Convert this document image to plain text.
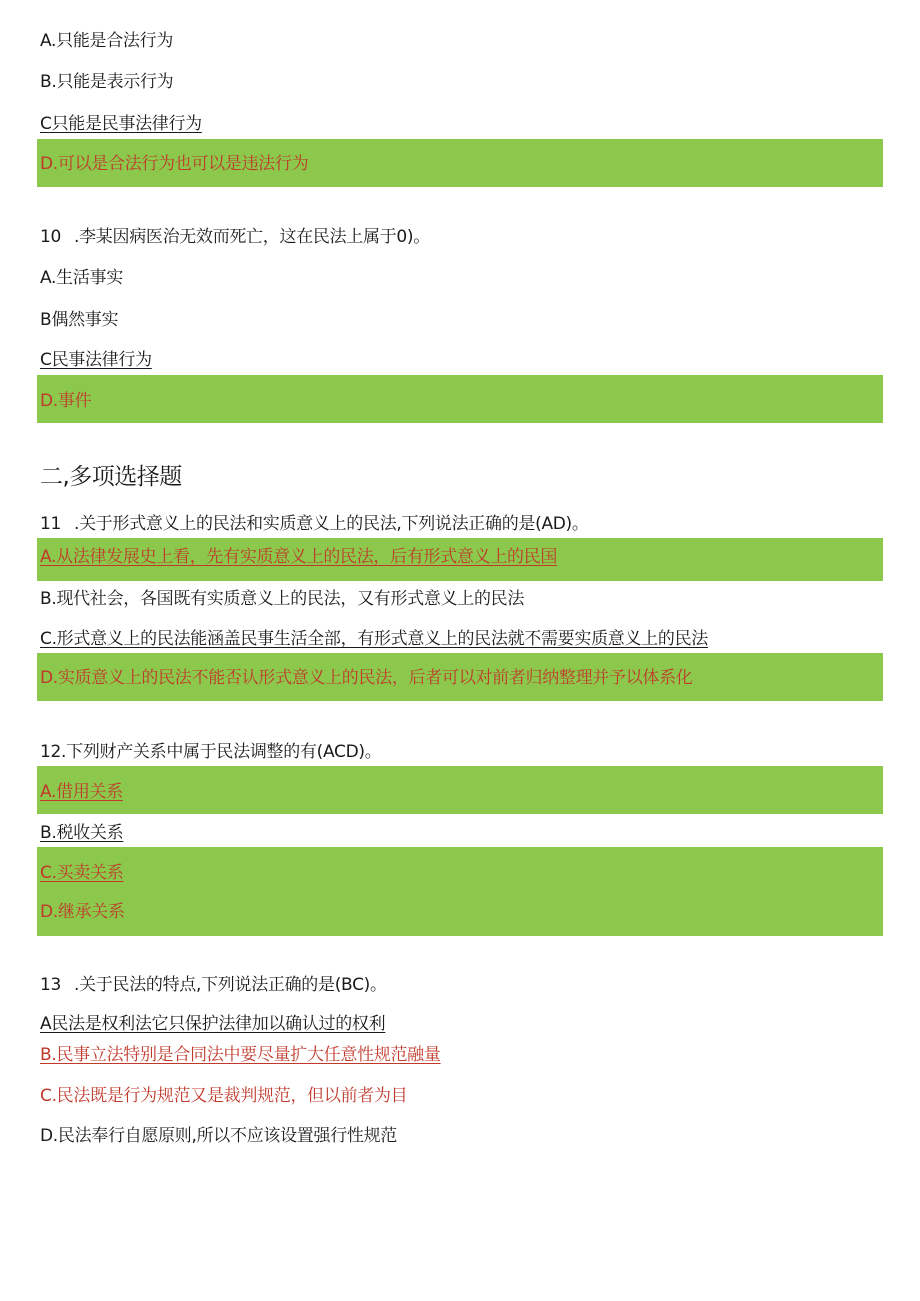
A.只能是合法行为
B.只能是表示行为
C只能是民事法律行为
D.可以是合法行为也可以是违法行为
10 .李某因病医治无效而死亡，这在民法上属于0)。
A.生活事实
B偶然事实
C民事法律行为
D.事件
二,多项选择题
11 .关于形式意义上的民法和实质意义上的民法,下列说法正确的是(AD)。
A.从法律发展史上看，先有实质意义上的民法，后有形式意义上的民国
B.现代社会，各国既有实质意义上的民法，又有形式意义上的民法
C.形式意义上的民法能涵盖民事生活全部，有形式意义上的民法就不需要实质意义上的民法
D.实质意义上的民法不能否认形式意义上的民法，后者可以对前者归纳整理并予以体系化
12.下列财产关系中属于民法调整的有(ACD)。
A.借用关系
B.税收关系
C.买卖关系
D.继承关系
13 .关于民法的特点,下列说法正确的是(BC)。
A民法是权利法它只保护法律加以确认过的权利
B.民事立法特别是合同法中要尽量扩大任意性规范融量
C.民法既是行为规范又是裁判规范，但以前者为目
D.民法奉行自愿原则,所以不应该设置强行性规范
